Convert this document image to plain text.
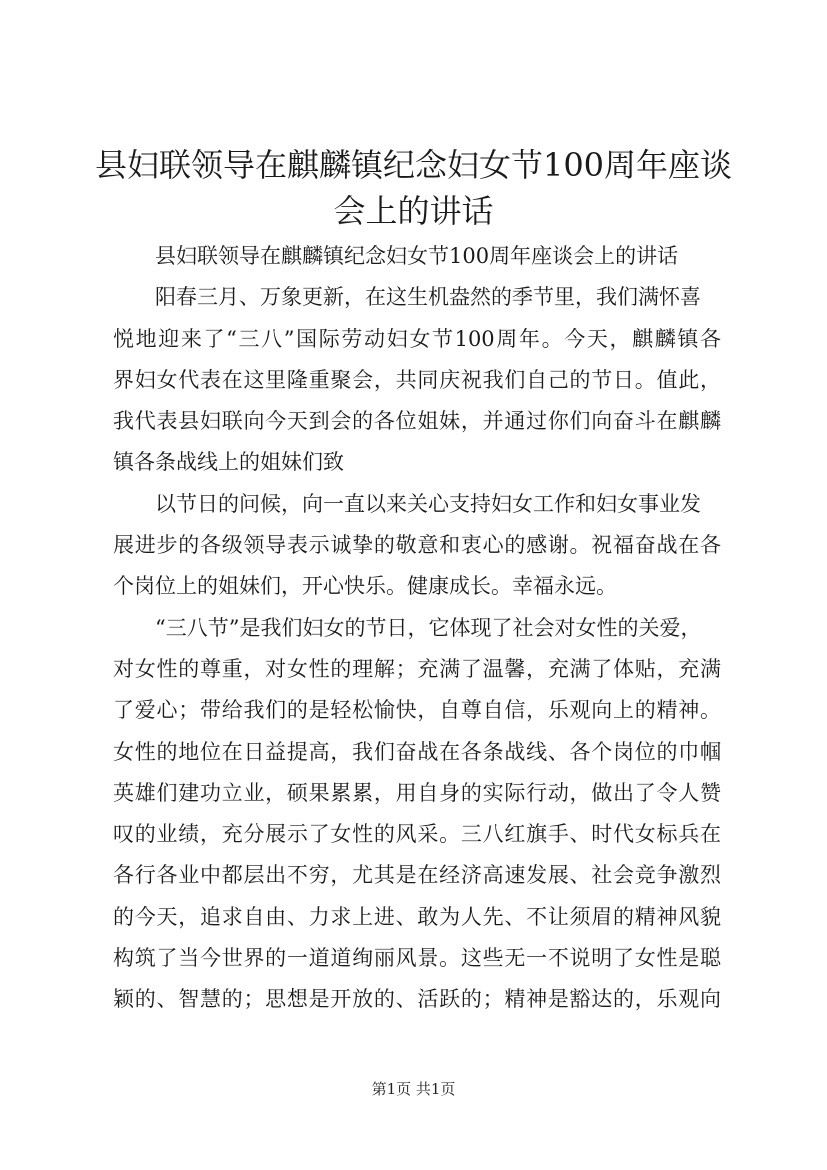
县妇联领导在麒麟镇纪念妇女节100周年座谈
会上的讲话
县妇联领导在麒麟镇纪念妇女节100周年座谈会上的讲话
阳春三月、万象更新，在这生机盎然的季节里，我们满怀喜
悦地迎来了“三八”国际劳动妇女节100周年。今天，麒麟镇各
界妇女代表在这里隆重聚会，共同庆祝我们自己的节日。值此，
我代表县妇联向今天到会的各位姐妹，并通过你们向奋斗在麒麟
镇各条战线上的姐妹们致
以节日的问候，向一直以来关心支持妇女工作和妇女事业发
展进步的各级领导表示诚挚的敬意和衷心的感谢。祝福奋战在各
个岗位上的姐妹们，开心快乐。健康成长。幸福永远。
“三八节”是我们妇女的节日，它体现了社会对女性的关爱，
对女性的尊重，对女性的理解；充满了温馨，充满了体贴，充满
了爱心；带给我们的是轻松愉快，自尊自信，乐观向上的精神。
女性的地位在日益提高，我们奋战在各条战线、各个岗位的巾帼
英雄们建功立业，硕果累累，用自身的实际行动，做出了令人赞
叹的业绩，充分展示了女性的风采。三八红旗手、时代女标兵在
各行各业中都层出不穷，尤其是在经济高速发展、社会竞争激烈
的今天，追求自由、力求上进、敢为人先、不让须眉的精神风貌
构筑了当今世界的一道道绚丽风景。这些无一不说明了女性是聪
颖的、智慧的；思想是开放的、活跃的；精神是豁达的，乐观向
第1页 共1页
